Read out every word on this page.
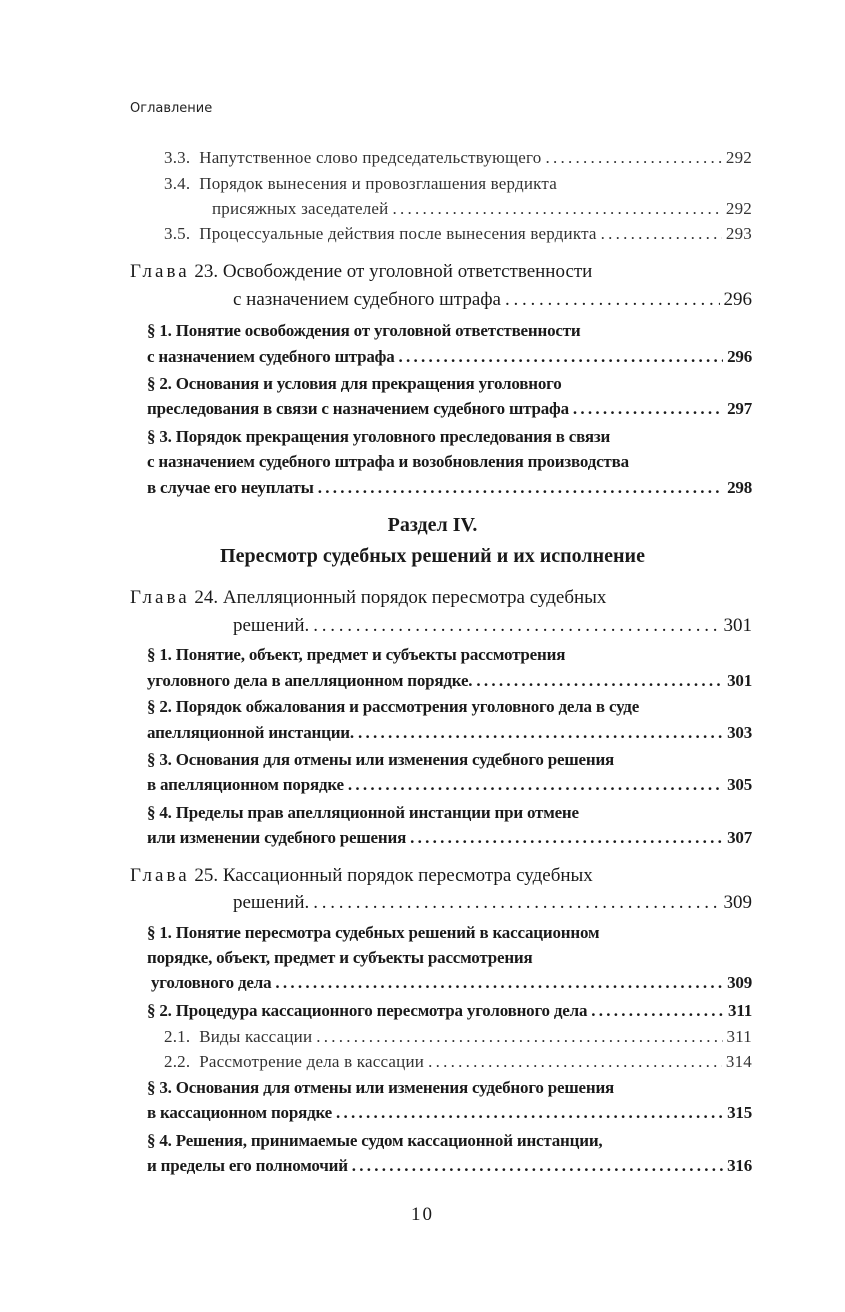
Оглавление
3.3. Напутственное слово председательствующего . . .	292
3.4. Порядок вынесения и провозглашения вердикта
присяжных заседателей . . .	292
3.5. Процессуальные действия после вынесения вердикта . . .	293
Глава 23. Освобождение от уголовной ответственности
с назначением судебного штрафа . . .	296
§ 1. Понятие освобождения от уголовной ответственности
с назначением судебного штрафа . . .	296
§ 2. Основания и условия для прекращения уголовного
преследования в связи с назначением судебного штрафа . . .	297
§ 3. Порядок прекращения уголовного преследования в связи
с назначением судебного штрафа и возобновления производства
в случае его неуплаты . . .	298
Раздел IV.
Пересмотр судебных решений и их исполнение
Глава 24. Апелляционный порядок пересмотра судебных
решений. . . .	301
§ 1. Понятие, объект, предмет и субъекты рассмотрения
уголовного дела в апелляционном порядке. . . .	301
§ 2. Порядок обжалования и рассмотрения уголовного дела в суде
апелляционной инстанции. . . .	303
§ 3. Основания для отмены или изменения судебного решения
в апелляционном порядке . . .	305
§ 4. Пределы прав апелляционной инстанции при отмене
или изменении судебного решения . . .	307
Глава 25. Кассационный порядок пересмотра судебных
решений. . . .	309
§ 1. Понятие пересмотра судебных решений в кассационном
порядке, объект, предмет и субъекты рассмотрения
уголовного дела . . .	309
§ 2. Процедура кассационного пересмотра уголовного дела . . .	311
2.1. Виды кассации . . .	311
2.2. Рассмотрение дела в кассации . . .	314
§ 3. Основания для отмены или изменения судебного решения
в кассационном порядке . . .	315
§ 4. Решения, принимаемые судом кассационной инстанции,
и пределы его полномочий . . .	316
10
